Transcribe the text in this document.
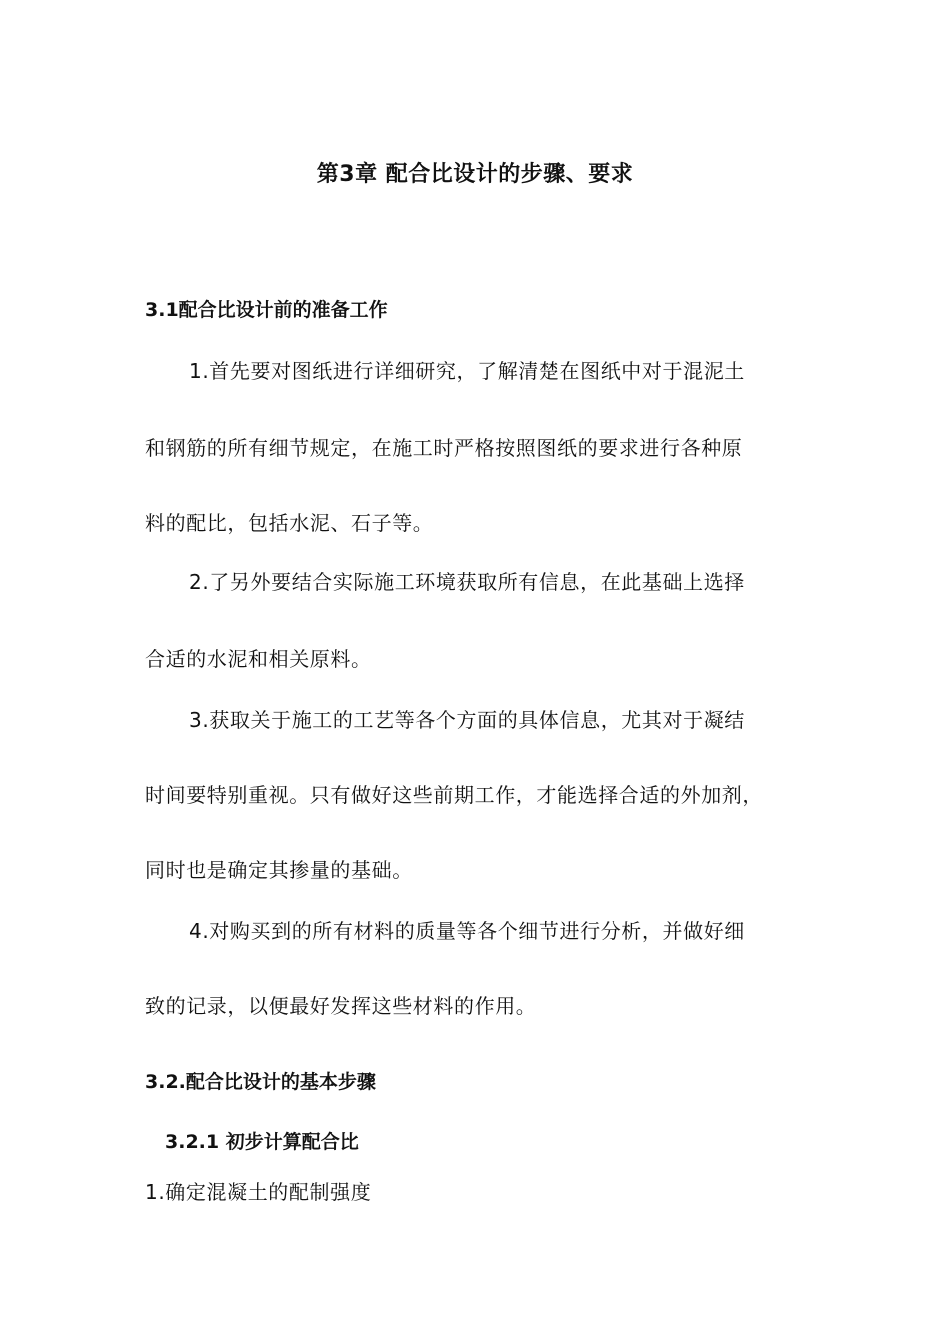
第3章 配合比设计的步骤、要求
3.1配合比设计前的准备工作
1.首先要对图纸进行详细研究，了解清楚在图纸中对于混泥土
和钢筋的所有细节规定，在施工时严格按照图纸的要求进行各种原
料的配比，包括水泥、石子等。
2.了另外要结合实际施工环境获取所有信息，在此基础上选择
合适的水泥和相关原料。
3.获取关于施工的工艺等各个方面的具体信息，尤其对于凝结
时间要特别重视。只有做好这些前期工作，才能选择合适的外加剂，
同时也是确定其掺量的基础。
4.对购买到的所有材料的质量等各个细节进行分析，并做好细
致的记录，以便最好发挥这些材料的作用。
3.2.配合比设计的基本步骤
3.2.1 初步计算配合比
1.确定混凝土的配制强度
